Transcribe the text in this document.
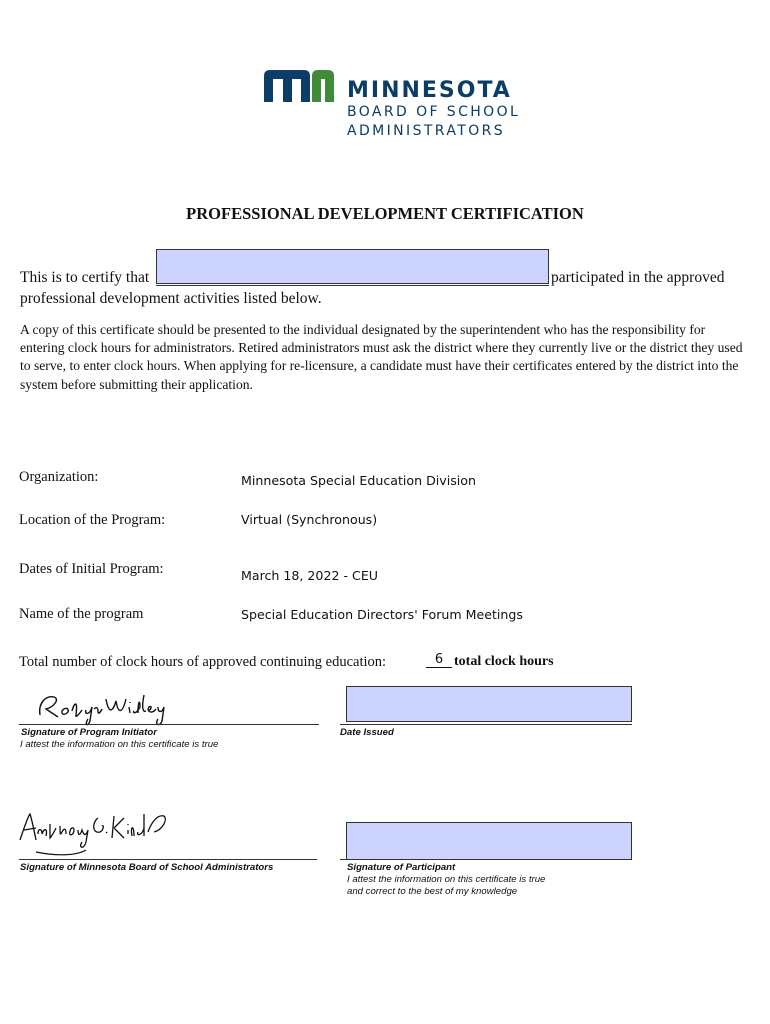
MINNESOTA
BOARD OF SCHOOL
ADMINISTRATORS
PROFESSIONAL DEVELOPMENT CERTIFICATION
This is to certify that	participated in the approved
professional development activities listed below.
A copy of this certificate should be presented to the individual designated by the superintendent who has the responsibility for entering clock hours for administrators. Retired administrators must ask the district where they currently live or the district they used to serve, to enter clock hours. When applying for re-licensure, a candidate must have their certificates entered by the district into the system before submitting their application.
Organization:	Minnesota Special Education Division
Location of the Program:	Virtual (Synchronous)
Dates of Initial Program:	March 18, 2022 - CEU
Name of the program	Special Education Directors' Forum Meetings
Total number of clock hours of approved continuing education:	6 total clock hours
Signature of Program Initiator
I attest the information on this certificate is true
Date Issued
Signature of Minnesota Board of School Administrators	Signature of Participant
I attest the information on this certificate is true
and correct to the best of my knowledge
